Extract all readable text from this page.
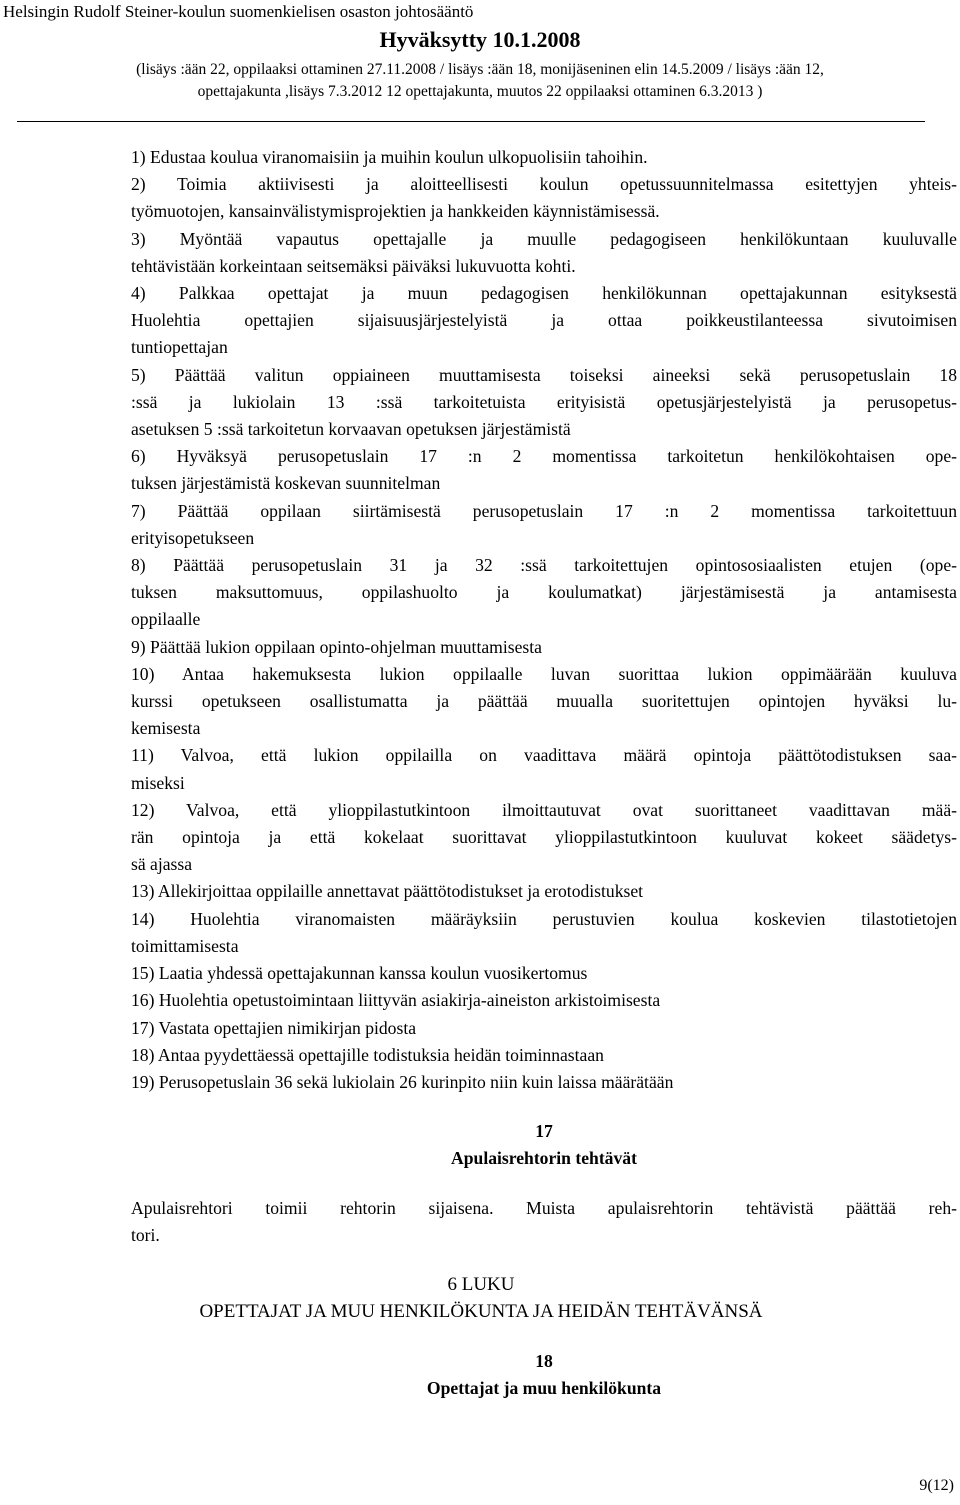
Helsingin Rudolf Steiner-koulun suomenkielisen osaston johtosääntö
Hyväksytty 10.1.2008
(lisäys :ään 22, oppilaaksi ottaminen 27.11.2008 / lisäys :ään 18, monijäseninen elin 14.5.2009 / lisäys :ään 12,
opettajakunta ,lisäys 7.3.2012 12 opettajakunta, muutos 22 oppilaaksi ottaminen 6.3.2013 )

1) Edustaa koulua viranomaisiin ja muihin koulun ulkopuolisiin tahoihin.

2) Toimia aktiivisesti ja aloitteellisesti koulun opetussuunnitelmassa esitettyjen yhteis-
työmuotojen, kansainvälistymisprojektien ja hankkeiden käynnistämisessä.

3) Myöntää vapautus opettajalle ja muulle pedagogiseen henkilökuntaan kuuluvalle
tehtävistään korkeintaan seitsemäksi päiväksi lukuvuotta kohti.

4) Palkkaa opettajat ja muun pedagogisen henkilökunnan opettajakunnan esityksestä
Huolehtia opettajien sijaisuusjärjestelyistä ja ottaa poikkeustilanteessa sivutoimisen
tuntiopettajan

5) Päättää valitun oppiaineen muuttamisesta toiseksi aineeksi sekä perusopetuslain 18
:ssä ja lukiolain 13 :ssä tarkoitetuista erityisistä opetusjärjestelyistä ja perusopetus-
asetuksen 5 :ssä tarkoitetun korvaavan opetuksen järjestämistä

6) Hyväksyä perusopetuslain 17 :n 2 momentissa tarkoitetun henkilökohtaisen ope-
tuksen järjestämistä koskevan suunnitelman

7) Päättää oppilaan siirtämisestä perusopetuslain 17 :n 2 momentissa tarkoitettuun
erityisopetukseen

8) Päättää perusopetuslain 31 ja 32 :ssä tarkoitettujen opintososiaalisten etujen (ope-
tuksen maksuttomuus, oppilashuolto ja koulumatkat) järjestämisestä ja antamisesta
oppilaalle

9) Päättää lukion oppilaan opinto-ohjelman muuttamisesta

10) Antaa hakemuksesta lukion oppilaalle luvan suorittaa lukion oppimäärään kuuluva
kurssi opetukseen osallistumatta ja päättää muualla suoritettujen opintojen hyväksi lu-
kemisesta

11) Valvoa, että lukion oppilailla on vaadittava määrä opintoja päättötodistuksen saa-
miseksi

12) Valvoa, että ylioppilastutkintoon ilmoittautuvat ovat suorittaneet vaadittavan mää-
rän opintoja ja että kokelaat suorittavat ylioppilastutkintoon kuuluvat kokeet säädetys-
sä ajassa

13) Allekirjoittaa oppilaille annettavat päättötodistukset ja erotodistukset

14) Huolehtia viranomaisten määräyksiin perustuvien koulua koskevien tilastotietojen
toimittamisesta

15) Laatia yhdessä opettajakunnan kanssa koulun vuosikertomus

16) Huolehtia opetustoimintaan liittyvän asiakirja-aineiston arkistoimisesta

17) Vastata opettajien nimikirjan pidosta

18) Antaa pyydettäessä opettajille todistuksia heidän toiminnastaan

19) Perusopetuslain 36 sekä lukiolain 26 kurinpito niin kuin laissa määrätään

17
Apulaisrehtorin tehtävät

Apulaisrehtori toimii rehtorin sijaisena. Muista apulaisrehtorin tehtävistä päättää reh-
tori.

6 LUKU
OPETTAJAT JA MUU HENKILÖKUNTA JA HEIDÄN TEHTÄVÄNSÄ
18
Opettajat ja muu henkilökunta
9(12)
